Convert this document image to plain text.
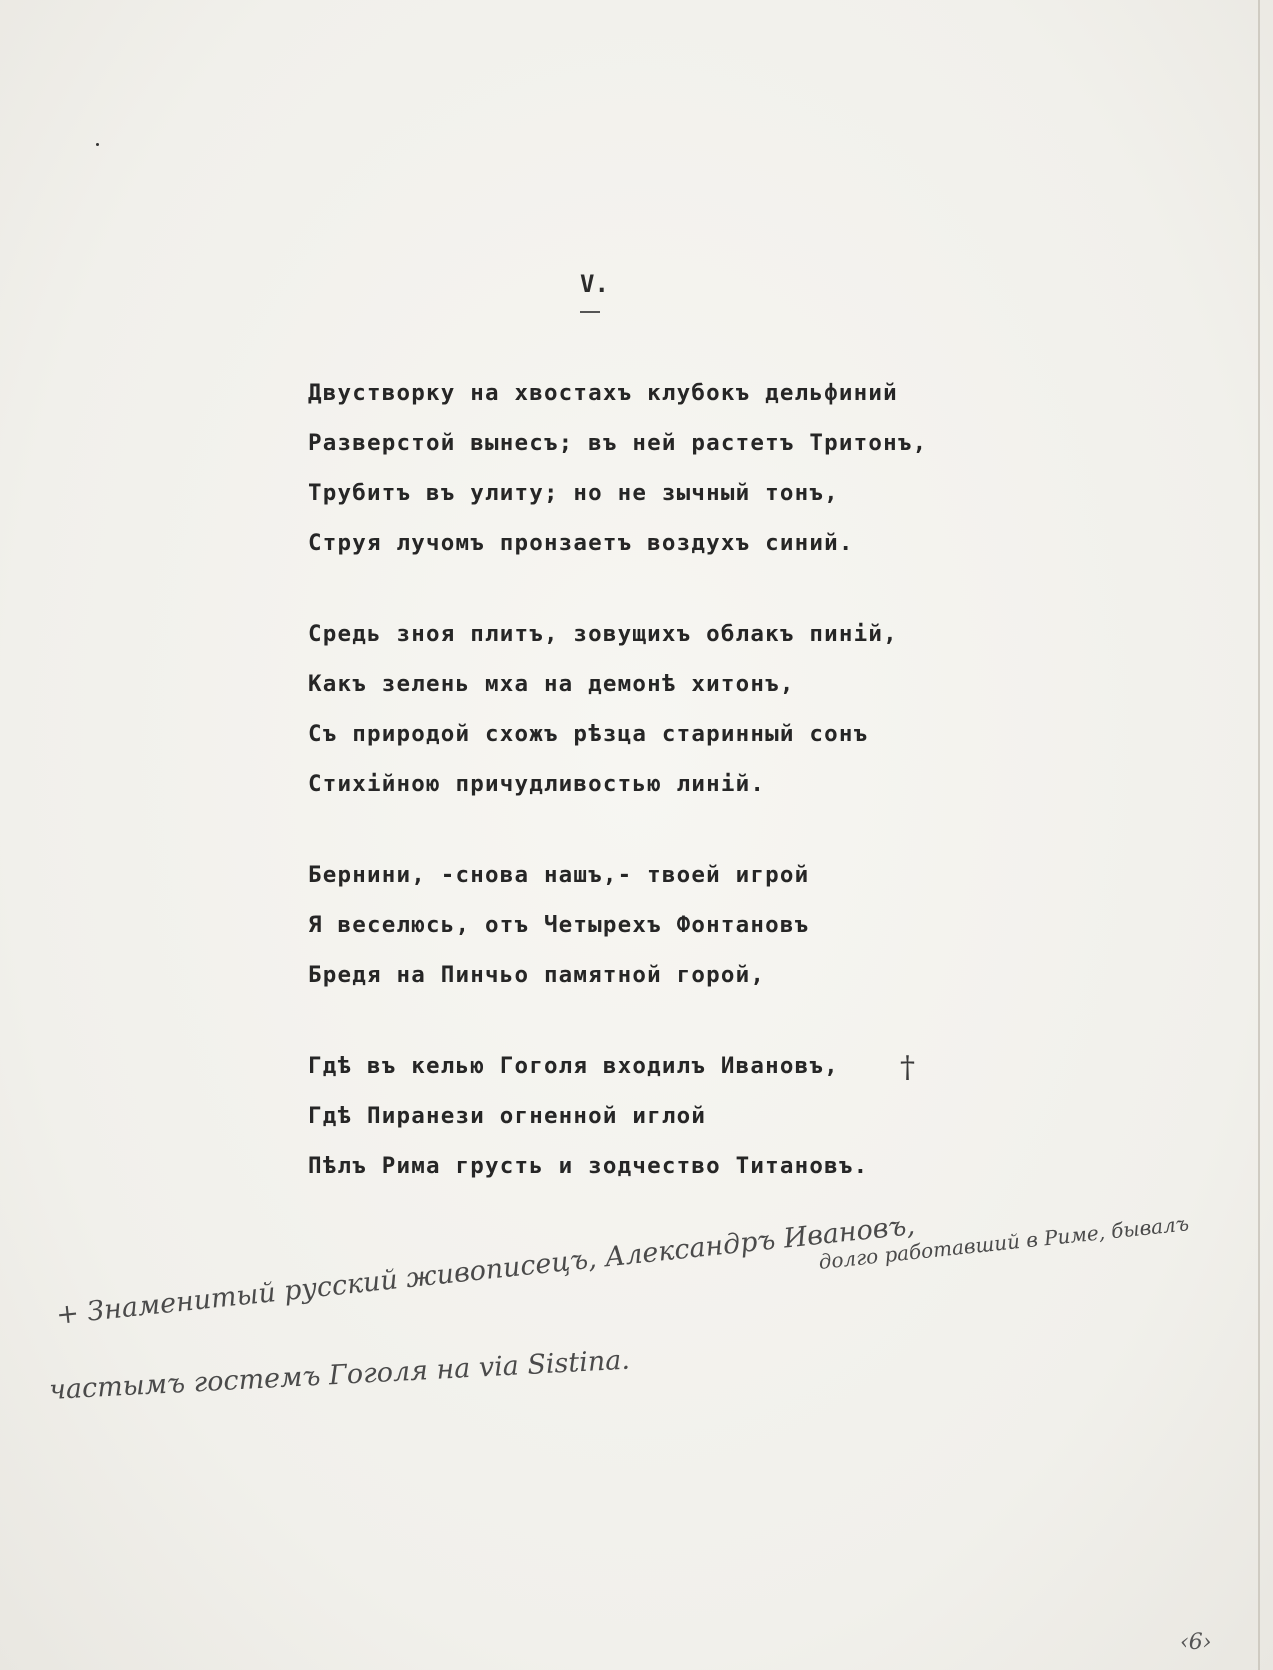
V.
Двустворку на хвостахъ клубокъ дельфиний
Разверстой вынесъ; въ ней растетъ Тритонъ,
Трубитъ въ улиту; но не зычный тонъ,
Струя лучомъ пронзаетъ воздухъ синий.
Средь зноя плитъ, зовущихъ облакъ пиній,
Какъ зелень мха на демонѣ хитонъ,
Съ природой схожъ рѣзца старинный сонъ
Стихійною причудливостью линій.
Бернини, -снова нашъ,- твоей игрой
Я веселюсь, отъ Четырехъ Фонтановъ
Бредя на Пинчьо памятной горой,
Гдѣ въ келью Гоголя входилъ Ивановъ,
Гдѣ Пиранези огненной иглой
Пѣлъ Рима грусть и зодчество Титановъ.
†
долго работавший в Риме, бывалъ
+ Знаменитый русский живописецъ, Александръ Ивановъ,
частымъ гостемъ Гоголя на via Sistina.
‹6›
